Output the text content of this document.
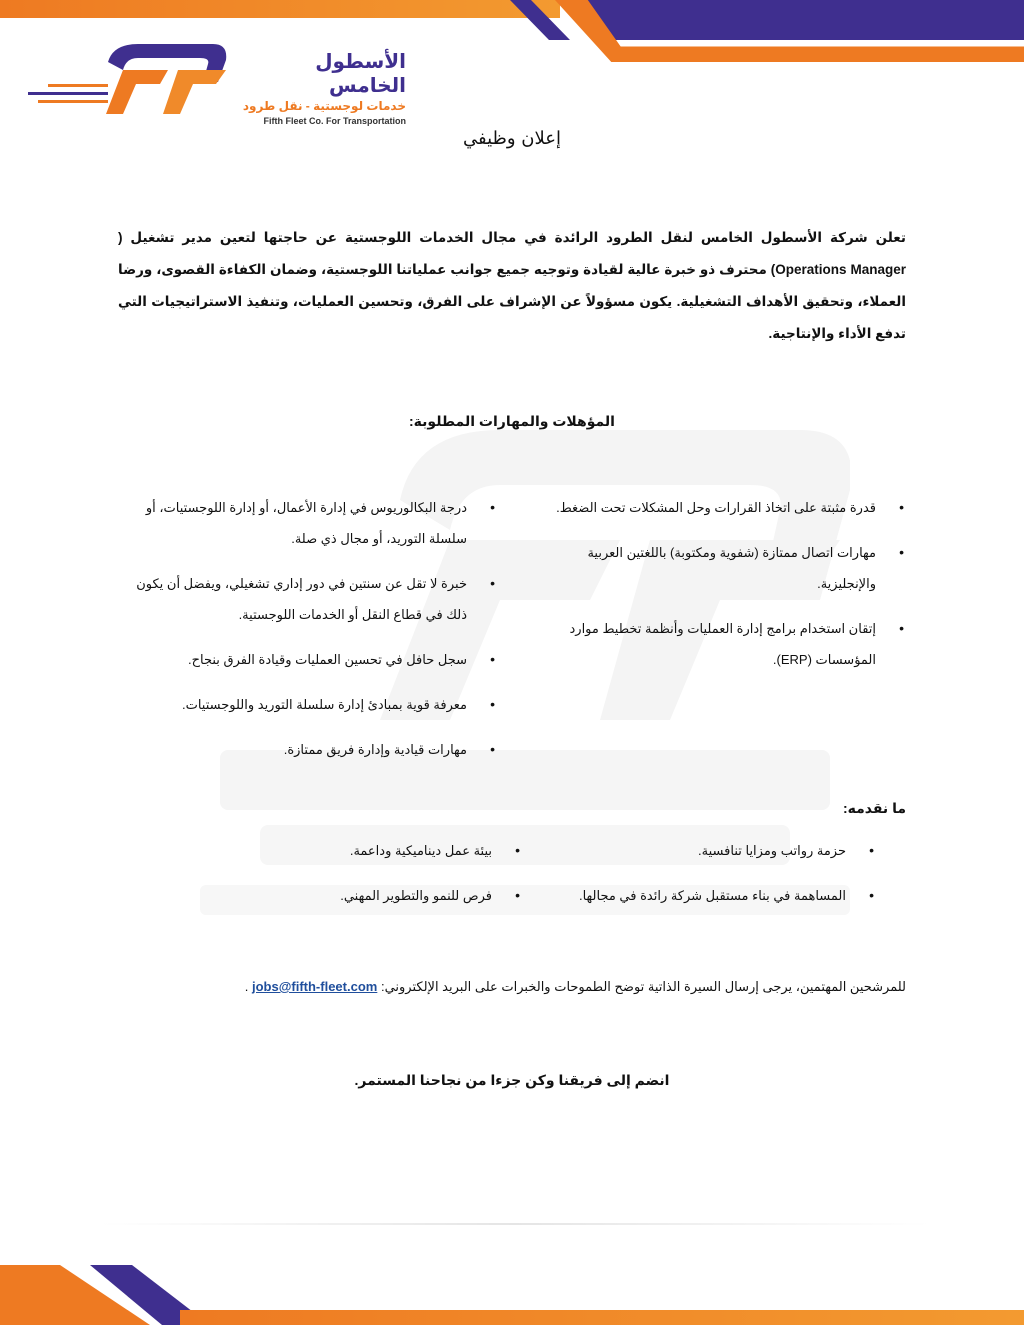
الأسطول الخامس
خدمات لوجستية - نقل طرود
Fifth Fleet Co. For Transportation
إعلان وظيفي

تعلن شركة الأسطول الخامس لنقل الطرود الرائدة في مجال الخدمات اللوجستية عن حاجتها لتعين مدير تشغيل ( Operations Manager) محترف ذو خبرة عالية لقيادة وتوجيه جميع جوانب عملياتنا اللوجستية، وضمان الكفاءة القصوى، ورضا العملاء، وتحقيق الأهداف التشغيلية. يكون مسؤولاً عن الإشراف على الفرق، وتحسين العمليات، وتنفيذ الاستراتيجيات التي تدفع الأداء والإنتاجية.

المؤهلات والمهارات المطلوبة:
• قدرة مثبتة على اتخاذ القرارات وحل المشكلات تحت الضغط.
• مهارات اتصال ممتازة (شفوية ومكتوبة) باللغتين العربية والإنجليزية.
• إتقان استخدام برامج إدارة العمليات وأنظمة تخطيط موارد المؤسسات (ERP).
• درجة البكالوريوس في إدارة الأعمال، أو إدارة اللوجستيات، أو سلسلة التوريد، أو مجال ذي صلة.
• خبرة لا تقل عن سنتين في دور إداري تشغيلي، ويفضل أن يكون ذلك في قطاع النقل أو الخدمات اللوجستية.
• سجل حافل في تحسين العمليات وقيادة الفرق بنجاح.
• معرفة قوية بمبادئ إدارة سلسلة التوريد واللوجستيات.
• مهارات قيادية وإدارة فريق ممتازة.
ما نقدمه:
• حزمة رواتب ومزايا تنافسية.
• المساهمة في بناء مستقبل شركة رائدة في مجالها.
• بيئة عمل ديناميكية وداعمة.
• فرص للنمو والتطوير المهني.

للمرشحين المهتمين، يرجى إرسال السيرة الذاتية توضح الطموحات والخبرات على البريد الإلكتروني: jobs@fifth-fleet.com .

انضم إلى فريقنا وكن جزءا من نجاحنا المستمر.
